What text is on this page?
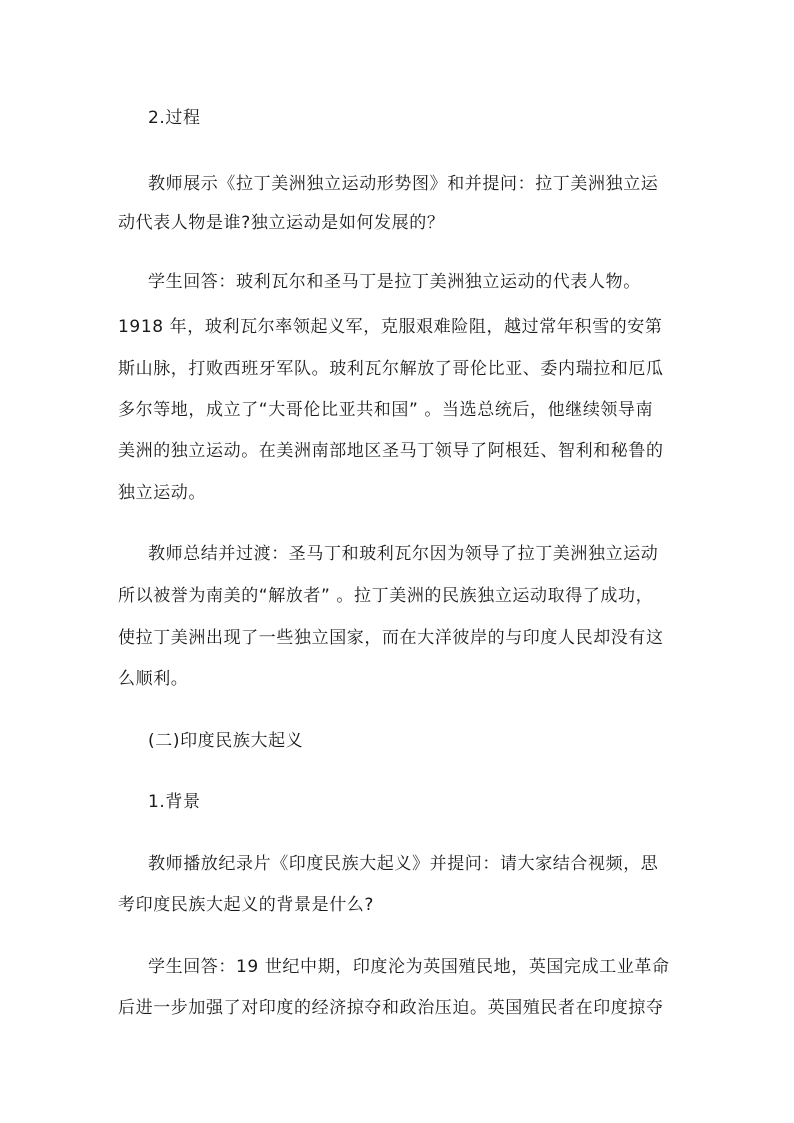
2.过程
教师展示《拉丁美洲独立运动形势图》和并提问：拉丁美洲独立运
动代表人物是谁?独立运动是如何发展的？
学生回答：玻利瓦尔和圣马丁是拉丁美洲独立运动的代表人物。
1918 年，玻利瓦尔率领起义军，克服艰难险阻，越过常年积雪的安第
斯山脉，打败西班牙军队。玻利瓦尔解放了哥伦比亚、委内瑞拉和厄瓜
多尔等地，成立了“大哥伦比亚共和国” 。当选总统后，他继续领导南
美洲的独立运动。在美洲南部地区圣马丁领导了阿根廷、智利和秘鲁的
独立运动。
教师总结并过渡：圣马丁和玻利瓦尔因为领导了拉丁美洲独立运动
所以被誉为南美的“解放者” 。拉丁美洲的民族独立运动取得了成功，
使拉丁美洲出现了一些独立国家，而在大洋彼岸的与印度人民却没有这
么顺利。
(二)印度民族大起义
1.背景
教师播放纪录片《印度民族大起义》并提问：请大家结合视频，思
考印度民族大起义的背景是什么?
学生回答：19 世纪中期，印度沦为英国殖民地，英国完成工业革命
后进一步加强了对印度的经济掠夺和政治压迫。英国殖民者在印度掠夺
